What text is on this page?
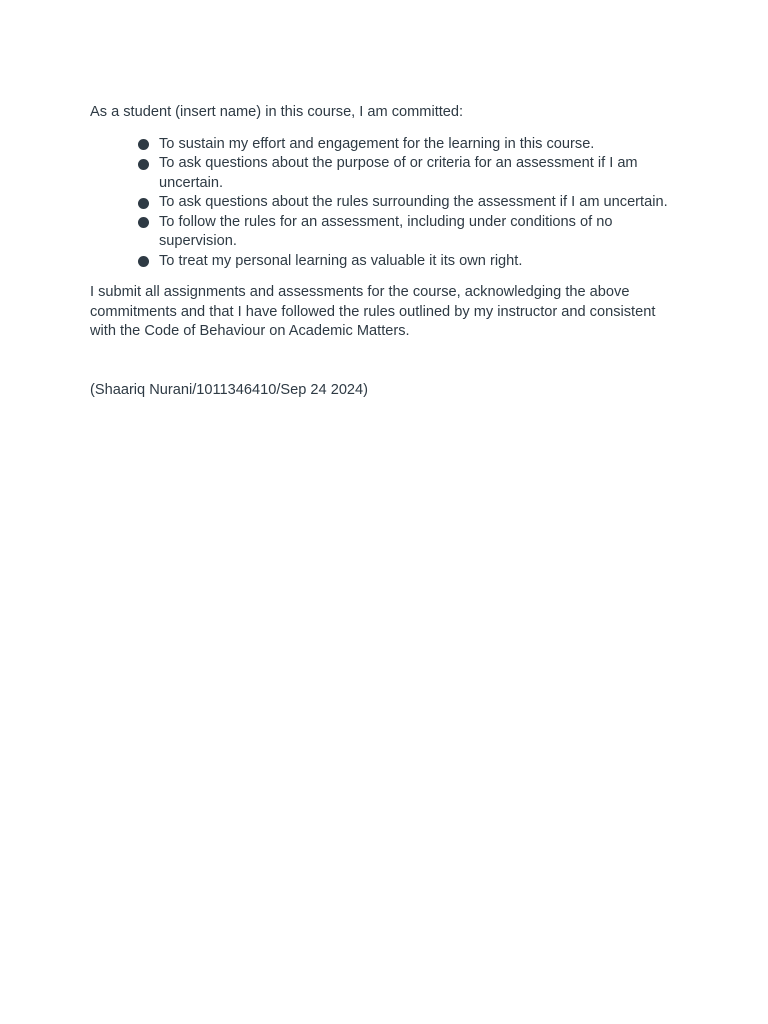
As a student (insert name) in this course, I am committed:

To sustain my effort and engagement for the learning in this course.
To ask questions about the purpose of or criteria for an assessment if I am uncertain.
To ask questions about the rules surrounding the assessment if I am uncertain.
To follow the rules for an assessment, including under conditions of no supervision.
To treat my personal learning as valuable it its own right.

I submit all assignments and assessments for the course, acknowledging the above commitments and that I have followed the rules outlined by my instructor and consistent with the Code of Behaviour on Academic Matters.

(Shaariq Nurani/1011346410/Sep 24 2024)
